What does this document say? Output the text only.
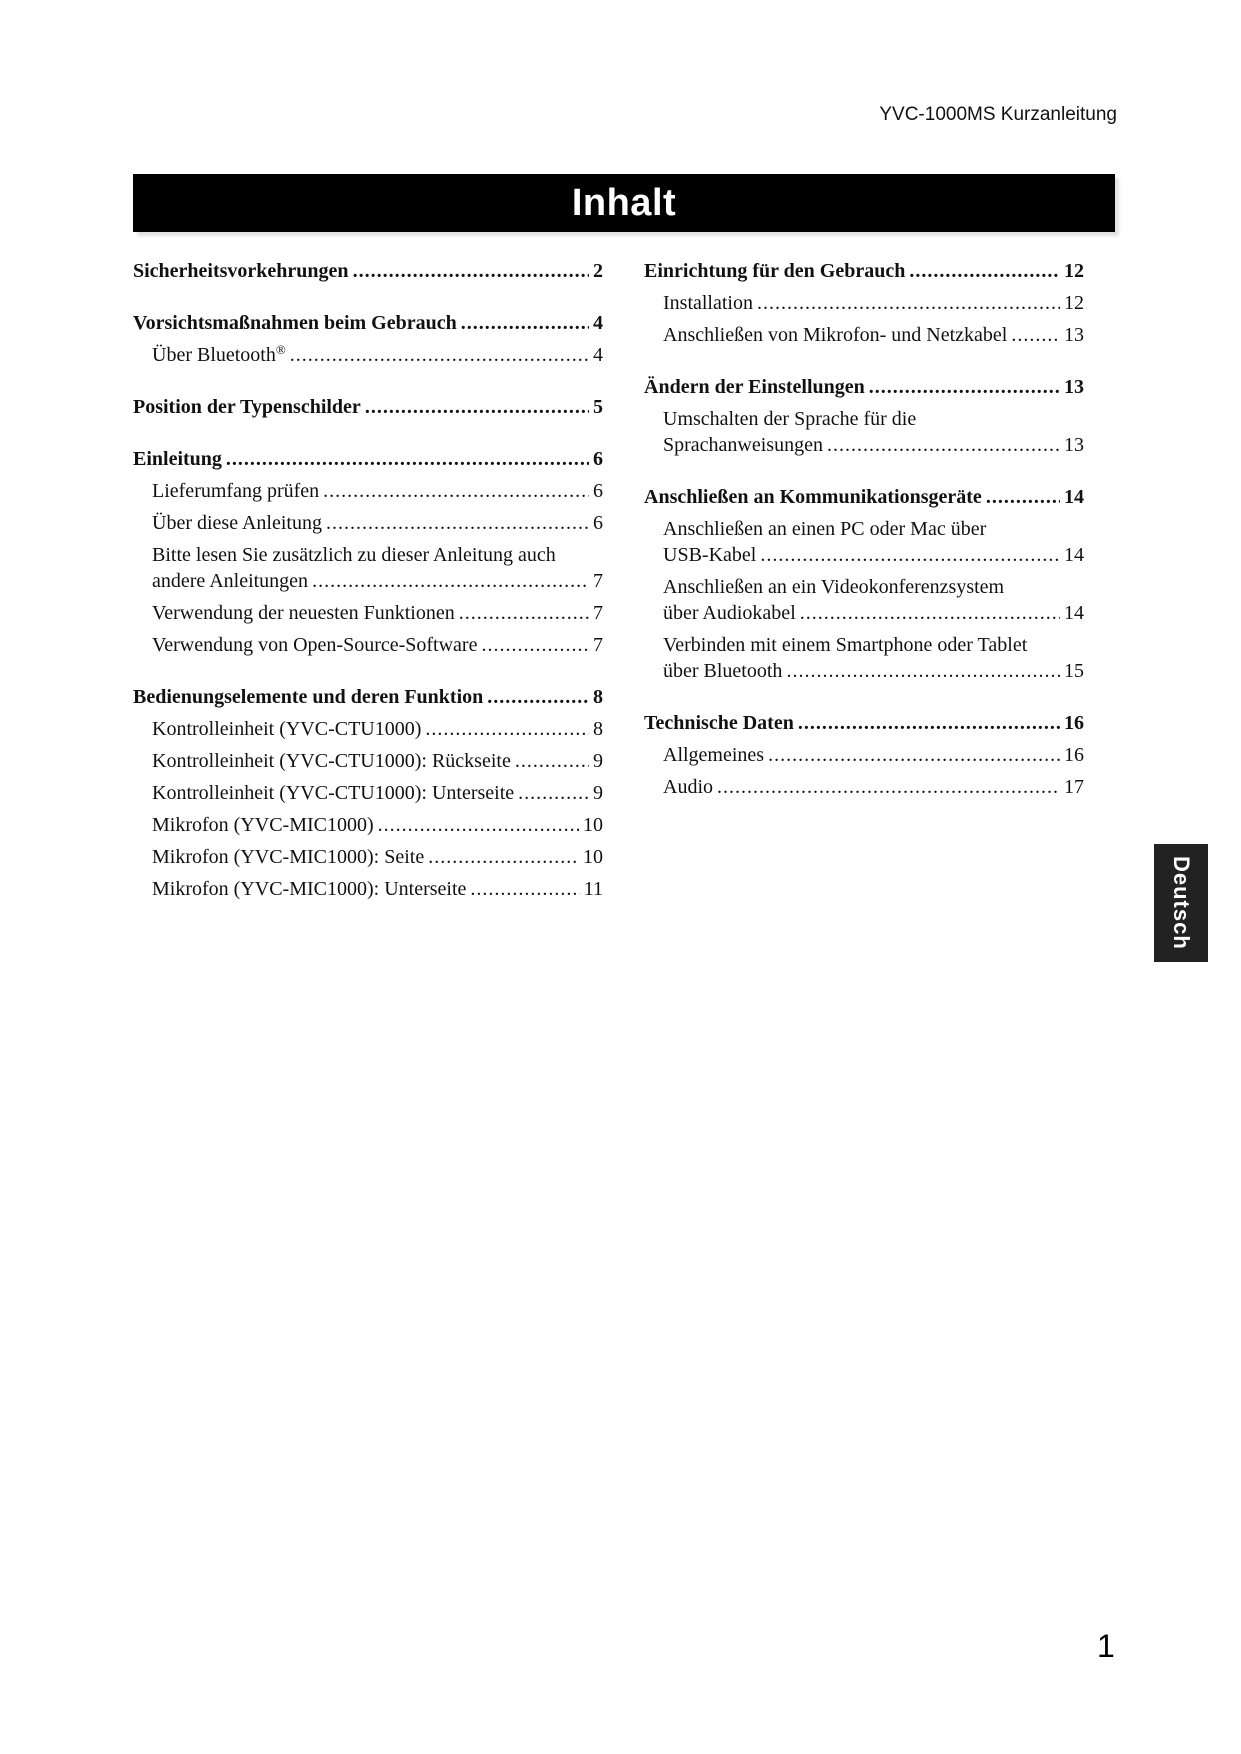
YVC-1000MS Kurzanleitung
Inhalt
Sicherheitsvorkehrungen . . .	2
Vorsichtsmaßnahmen beim Gebrauch . . .	4
Über Bluetooth® . . .	4
Position der Typenschilder . . .	5
Einleitung . . .	6
Lieferumfang prüfen . . .	6
Über diese Anleitung . . .	6
Bitte lesen Sie zusätzlich zu dieser Anleitung auch
andere Anleitungen . . .	7
Verwendung der neuesten Funktionen . . .	7
Verwendung von Open-Source-Software . . .	7
Bedienungselemente und deren Funktion . . .	8
Kontrolleinheit (YVC-CTU1000) . . .	8
Kontrolleinheit (YVC-CTU1000): Rückseite . . .	9
Kontrolleinheit (YVC-CTU1000): Unterseite . . .	9
Mikrofon (YVC-MIC1000) . . .	10
Mikrofon (YVC-MIC1000): Seite . . .	10
Mikrofon (YVC-MIC1000): Unterseite . . .	11
Einrichtung für den Gebrauch . . .	12
Installation . . .	12
Anschließen von Mikrofon- und Netzkabel . . .	13
Ändern der Einstellungen . . .	13
Umschalten der Sprache für die
Sprachanweisungen . . .	13
Anschließen an Kommunikationsgeräte . . .	14
Anschließen an einen PC oder Mac über
USB-Kabel . . .	14
Anschließen an ein Videokonferenzsystem
über Audiokabel . . .	14
Verbinden mit einem Smartphone oder Tablet
über Bluetooth . . .	15
Technische Daten . . .	16
Allgemeines . . .	16
Audio . . .	17
Deutsch
1
